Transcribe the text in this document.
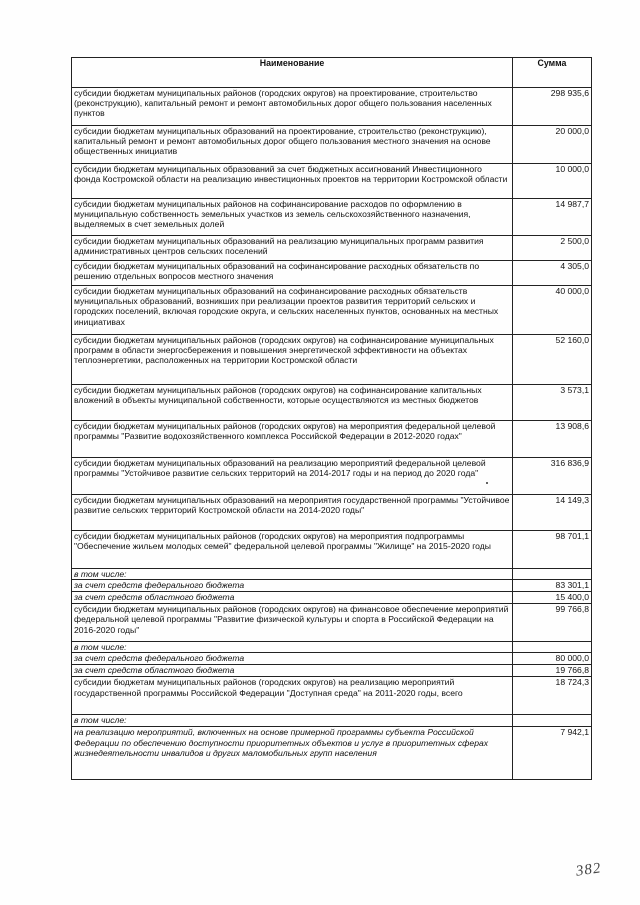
Наименование	Сумма
субсидии бюджетам муниципальных районов (городских округов) на проектирование, строительство (реконструкцию), капитальный ремонт и ремонт автомобильных дорог общего пользования населенных пунктов	298 935,6
субсидии бюджетам муниципальных образований на проектирование, строительство (реконструкцию), капитальный ремонт и ремонт автомобильных дорог общего пользования местного значения на основе общественных инициатив	20 000,0
субсидии бюджетам муниципальных образований за счет бюджетных ассигнований Инвестиционного фонда Костромской области на реализацию инвестиционных проектов на территории Костромской области	10 000,0
субсидии бюджетам муниципальных районов на софинансирование расходов по оформлению в муниципальную собственность земельных участков из земель сельскохозяйственного назначения, выделяемых в счет земельных долей	14 987,7
субсидии бюджетам муниципальных образований на реализацию муниципальных программ развития административных центров сельских поселений	2 500,0
субсидии бюджетам муниципальных образований на софинансирование расходных обязательств по решению отдельных вопросов местного значения	4 305,0
субсидии бюджетам муниципальных образований на софинансирование расходных обязательств муниципальных образований, возникших при реализации проектов развития территорий сельских и городских поселений, включая городские округа, и сельских населенных пунктов, основанных на местных инициативах	40 000,0
субсидии бюджетам муниципальных районов (городских округов) на софинансирование муниципальных программ в области энергосбережения и повышения энергетической эффективности на объектах теплоэнергетики, расположенных на территории Костромской области	52 160,0
субсидии бюджетам муниципальных районов (городских округов) на софинансирование капитальных вложений в объекты муниципальной собственности, которые осуществляются из местных бюджетов	3 573,1
субсидии бюджетам муниципальных районов (городских округов) на мероприятия федеральной целевой программы "Развитие водохозяйственного комплекса Российской Федерации в 2012-2020 годах"	13 908,6
субсидии бюджетам муниципальных образований на реализацию мероприятий федеральной целевой программы "Устойчивое развитие сельских территорий на 2014-2017 годы и на период до 2020 года"	316 836,9
субсидии бюджетам муниципальных образований на мероприятия государственной программы "Устойчивое развитие сельских территорий Костромской области на 2014-2020 годы"	14 149,3
субсидии бюджетам муниципальных районов (городских округов) на мероприятия подпрограммы "Обеспечение жильем молодых семей" федеральной целевой программы "Жилище" на 2015-2020 годы	98 701,1
в том числе:	
за счет средств федерального бюджета	83 301,1
за счет средств областного бюджета	15 400,0
субсидии бюджетам муниципальных районов (городских округов) на финансовое обеспечение мероприятий федеральной целевой программы "Развитие физической культуры и спорта в Российской Федерации на 2016-2020 годы"	99 766,8
в том числе:	
за счет средств федерального бюджета	80 000,0
за счет средств областного бюджета	19 766,8
субсидии бюджетам муниципальных районов (городских округов) на реализацию мероприятий государственной программы Российской Федерации "Доступная среда" на 2011-2020 годы, всего	18 724,3
в том числе:	
на реализацию мероприятий, включенных на основе примерной программы субъекта Российской Федерации по обеспечению доступности приоритетных объектов и услуг в приоритетных сферах жизнедеятельности инвалидов и других маломобильных групп населения	7 942,1
382
